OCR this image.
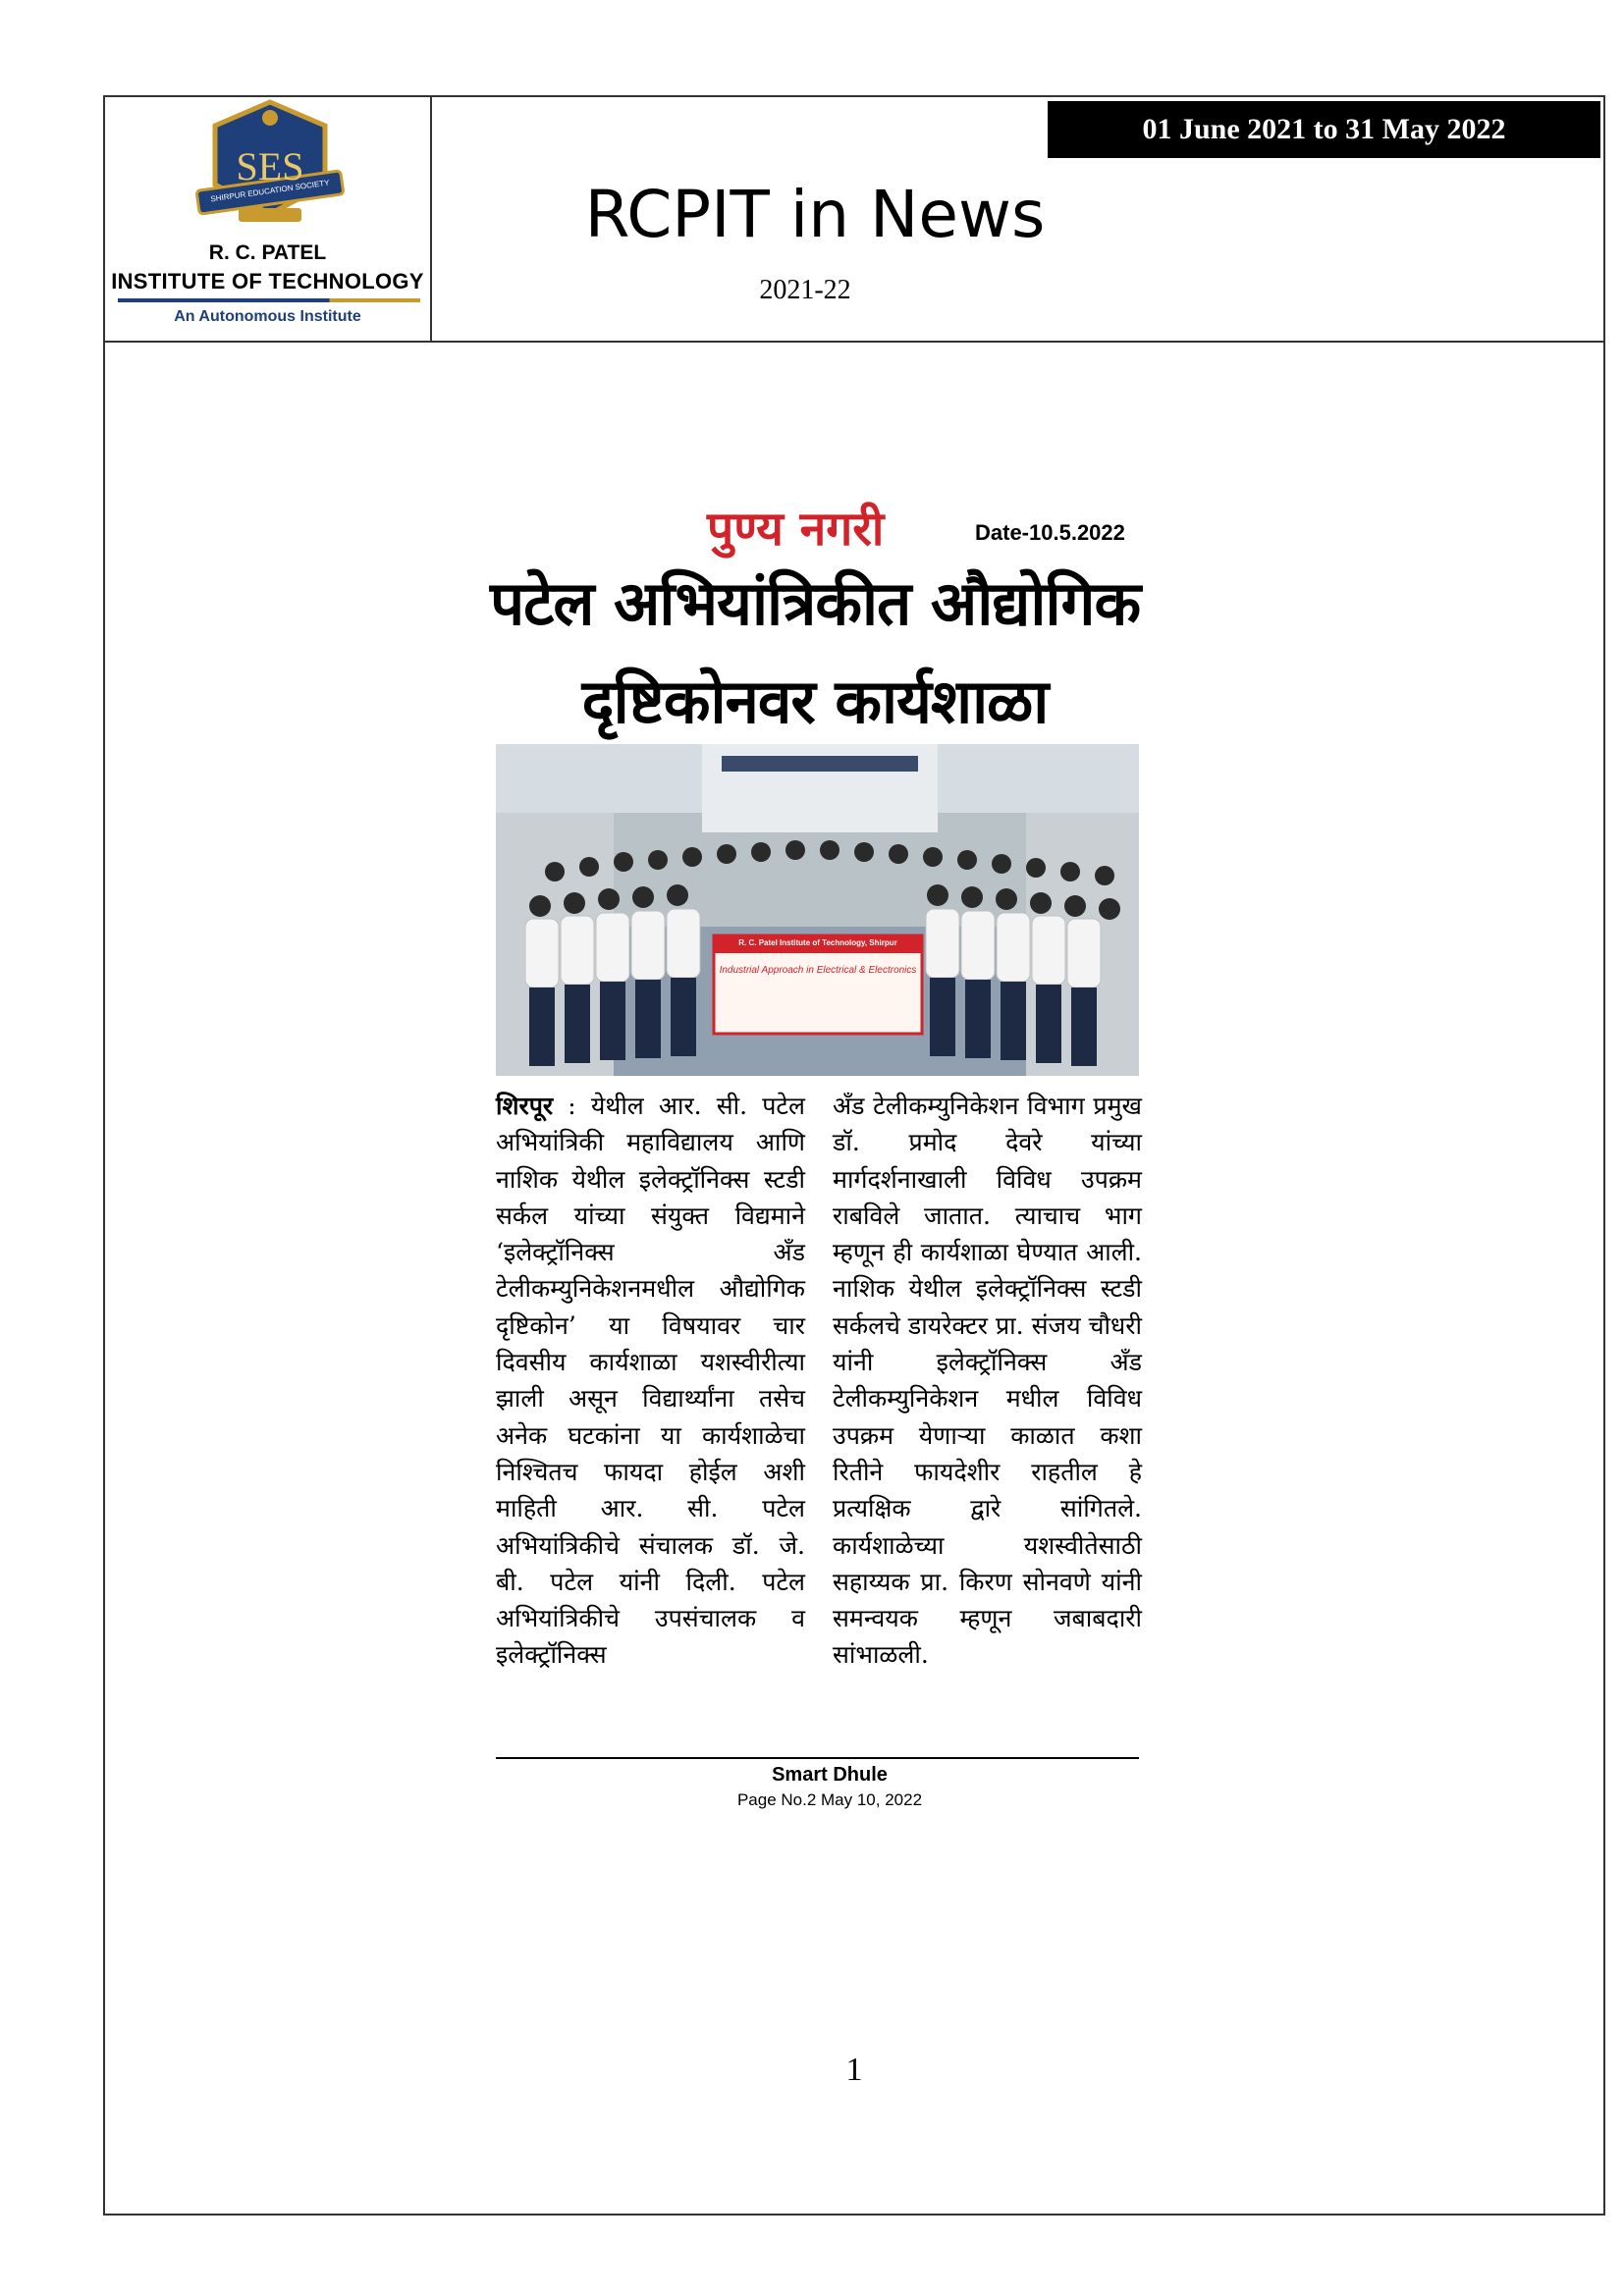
SES
SHIRPUR EDUCATION SOCIETY
R. C. PATEL
INSTITUTE OF TECHNOLOGY
An Autonomous Institute
01 June 2021 to 31 May 2022
RCPIT in News
2021-22
पुण्य नगरी	Date-10.5.2022
पटेल अभियांत्रिकीत औद्योगिक
दृष्टिकोनवर कार्यशाळा
R. C. Patel Institute of Technology, Shirpur
Industrial Approach in Electrical & Electronics
शिरपूर : येथील आर. सी. पटेल अभियांत्रिकी महाविद्यालय आणि नाशिक येथील इलेक्ट्रॉनिक्स स्टडी सर्कल यांच्या संयुक्त विद्यमाने ‘इलेक्ट्रॉनिक्स अँड टेलीकम्युनिकेशनमधील औद्योगिक दृष्टिकोन’ या विषयावर चार दिवसीय कार्यशाळा यशस्वीरीत्या झाली असून विद्यार्थ्यांना तसेच अनेक घटकांना या कार्यशाळेचा निश्चितच फायदा होईल अशी माहिती आर. सी. पटेल अभियांत्रिकीचे संचालक डॉ. जे. बी. पटेल यांनी दिली. पटेल अभियांत्रिकीचे उपसंचालक व इलेक्ट्रॉनिक्स
अँड टेलीकम्युनिकेशन विभाग प्रमुख डॉ. प्रमोद देवरे यांच्या मार्गदर्शनाखाली विविध उपक्रम राबविले जातात. त्याचाच भाग म्हणून ही कार्यशाळा घेण्यात आली. नाशिक येथील इलेक्ट्रॉनिक्स स्टडी सर्कलचे डायरेक्टर प्रा. संजय चौधरी यांनी इलेक्ट्रॉनिक्स अँड टेलीकम्युनिकेशन मधील विविध उपक्रम येणाऱ्या काळात कशा रितीने फायदेशीर राहतील हे प्रत्यक्षिक द्वारे सांगितले. कार्यशाळेच्या यशस्वीतेसाठी सहाय्यक प्रा. किरण सोनवणे यांनी समन्वयक म्हणून जबाबदारी सांभाळली.
Smart Dhule
Page No.2 May 10, 2022
1
